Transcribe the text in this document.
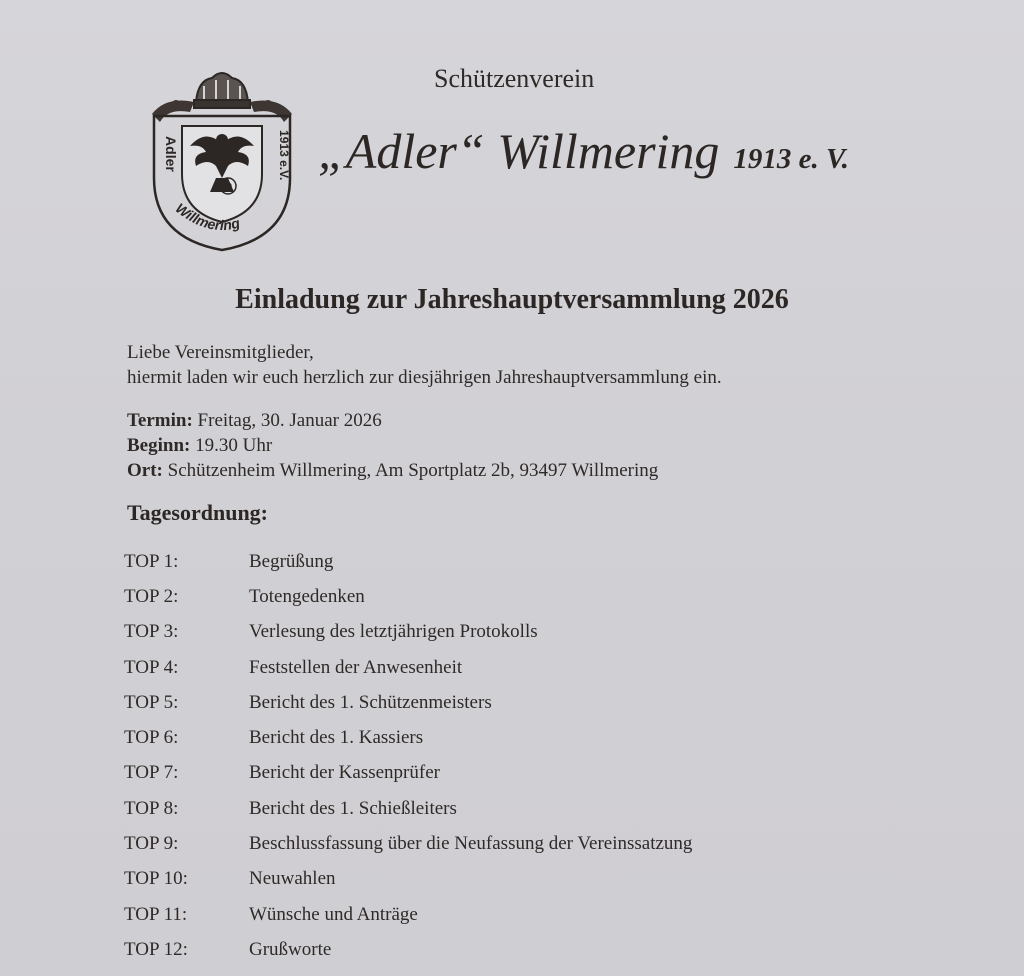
Adler
Willmering
1913 e.V.
Schützenverein
„Adler“ Willmering 1913 e. V.
Einladung zur Jahreshauptversammlung 2026
Liebe Vereinsmitglieder,
hiermit laden wir euch herzlich zur diesjährigen Jahreshauptversammlung ein.
Termin: Freitag, 30. Januar 2026
Beginn: 19.30 Uhr
Ort: Schützenheim Willmering, Am Sportplatz 2b, 93497 Willmering
Tagesordnung:
TOP 1:	Begrüßung
TOP 2:	Totengedenken
TOP 3:	Verlesung des letztjährigen Protokolls
TOP 4:	Feststellen der Anwesenheit
TOP 5:	Bericht des 1. Schützenmeisters
TOP 6:	Bericht des 1. Kassiers
TOP 7:	Bericht der Kassenprüfer
TOP 8:	Bericht des 1. Schießleiters
TOP 9:	Beschlussfassung über die Neufassung der Vereinssatzung
TOP 10:	Neuwahlen
TOP 11:	Wünsche und Anträge
TOP 12:	Grußworte
